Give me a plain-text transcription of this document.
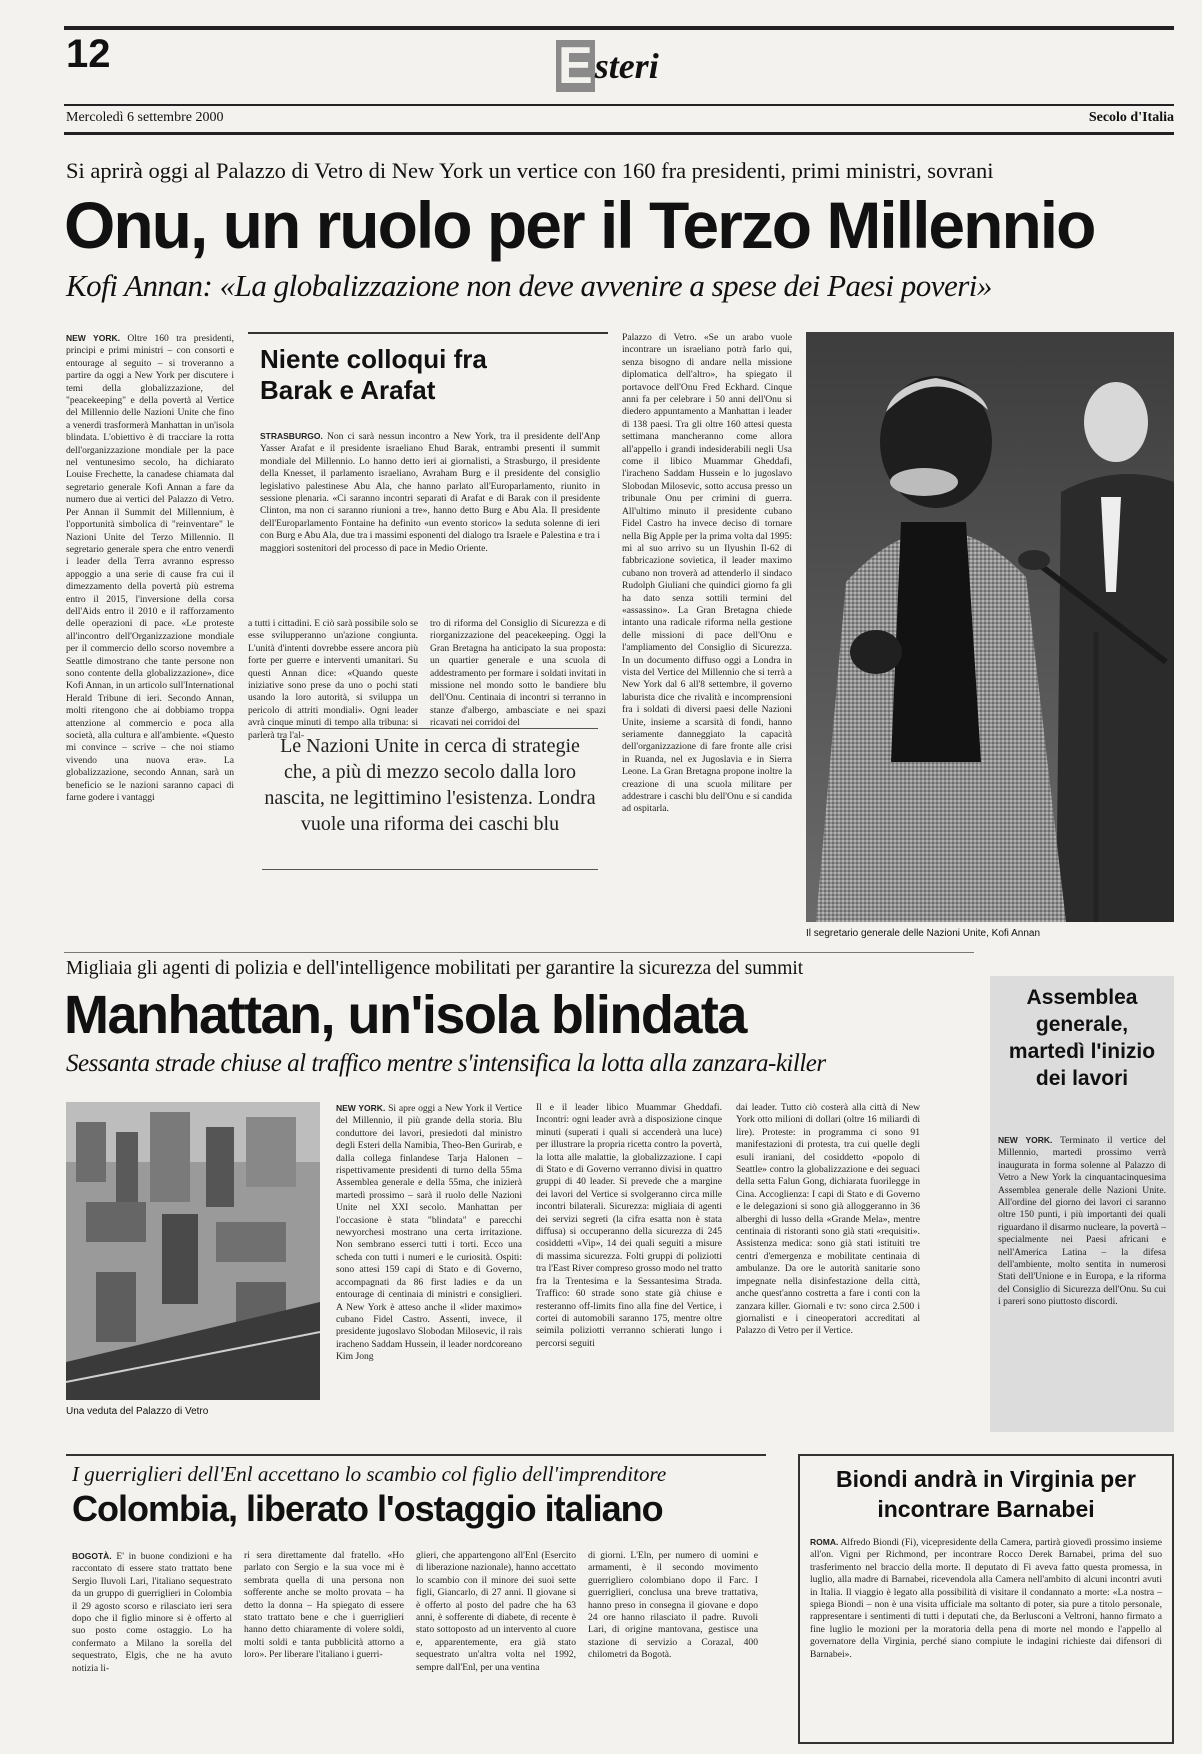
12	Esteri
Mercoledì 6 settembre 2000	Secolo d'Italia
Si aprirà oggi al Palazzo di Vetro di New York un vertice con 160 fra presidenti, primi ministri, sovrani
Onu, un ruolo per il Terzo Millennio
Kofi Annan: «La globalizzazione non deve avvenire a spese dei Paesi poveri»
NEW YORK. Oltre 160 tra presidenti, principi e primi ministri – con consorti e entourage al seguito – si troveranno a partire da oggi a New York per discutere i temi della globalizzazione, del "peacekeeping" e della povertà al Vertice del Millennio delle Nazioni Unite che fino a venerdì trasformerà Manhattan in un'isola blindata. L'obiettivo è di tracciare la rotta dell'organizzazione mondiale per la pace nel ventunesimo secolo, ha dichiarato Louise Frechette, la canadese chiamata dal segretario generale Kofi Annan a fare da numero due ai vertici del Palazzo di Vetro. Per Annan il Summit del Millennium, è l'opportunità simbolica di "reinventare" le Nazioni Unite del Terzo Millennio. Il segretario generale spera che entro venerdì i leader della Terra avranno espresso appoggio a una serie di cause fra cui il dimezzamento della povertà più estrema entro il 2015, l'inversione della corsa dell'Aids entro il 2010 e il rafforzamento delle operazioni di pace. «Le proteste all'incontro dell'Organizzazione mondiale per il commercio dello scorso novembre a Seattle dimostrano che tante persone non sono contente della globalizzazione», dice Kofi Annan, in un articolo sull'International Herald Tribune di ieri. Secondo Annan, molti ritengono che ai dobbiamo troppa attenzione al commercio e poca alla società, alla cultura e all'ambiente. «Questo mi convince – scrive – che noi stiamo vivendo una nuova era». La globalizzazione, secondo Annan, sarà un beneficio se le nazioni saranno capaci di farne godere i vantaggi
Niente colloqui fra Barak e Arafat
STRASBURGO. Non ci sarà nessun incontro a New York, tra il presidente dell'Anp Yasser Arafat e il presidente israeliano Ehud Barak, entrambi presenti il summit mondiale del Millennio. Lo hanno detto ieri ai giornalisti, a Strasburgo, il presidente della Knesset, il parlamento israeliano, Avraham Burg e il presidente del consiglio legislativo palestinese Abu Ala, che hanno parlato all'Europarlamento, riunito in sessione plenaria. «Ci saranno incontri separati di Arafat e di Barak con il presidente Clinton, ma non ci saranno riunioni a tre», hanno detto Burg e Abu Ala. Il presidente dell'Europarlamento Fontaine ha definito «un evento storico» la seduta solenne di ieri con Burg e Abu Ala, due tra i massimi esponenti del dialogo tra Israele e Palestina e tra i maggiori sostenitori del processo di pace in Medio Oriente.
a tutti i cittadini. E ciò sarà possibile solo se esse svilupperanno un'azione congiunta. L'unità d'intenti dovrebbe essere ancora più forte per guerre e interventi umanitari. Su questi Annan dice: «Quando queste iniziative sono prese da uno o pochi stati usando la loro autorità, si sviluppa un pericolo di attriti mondiali». Ogni leader avrà cinque minuti di tempo alla tribuna: si parlerà tra l'al-
tro di riforma del Consiglio di Sicurezza e di riorganizzazione del peacekeeping. Oggi la Gran Bretagna ha anticipato la sua proposta: un quartier generale e una scuola di addestramento per formare i soldati invitati in missione nel mondo sotto le bandiere blu dell'Onu. Centinaia di incontri si terranno in stanze d'albergo, ambasciate e nei spazi ricavati nei corridoi del
Le Nazioni Unite in cerca di strategie che, a più di mezzo secolo dalla loro nascita, ne legittimino l'esistenza. Londra vuole una riforma dei caschi blu
Palazzo di Vetro. «Se un arabo vuole incontrare un israeliano potrà farlo qui, senza bisogno di andare nella missione diplomatica dell'altro», ha spiegato il portavoce dell'Onu Fred Eckhard. Cinque anni fa per celebrare i 50 anni dell'Onu si diedero appuntamento a Manhattan i leader di 138 paesi. Tra gli oltre 160 attesi questa settimana mancheranno come allora all'appello i grandi indesiderabili negli Usa come il libico Muammar Gheddafi, l'iracheno Saddam Hussein e lo jugoslavo Slobodan Milosevic, sotto accusa presso un tribunale Onu per crimini di guerra. All'ultimo minuto il presidente cubano Fidel Castro ha invece deciso di tornare nella Big Apple per la prima volta dal 1995: mi al suo arrivo su un Ilyushin Il-62 di fabbricazione sovietica, il leader maximo cubano non troverà ad attenderlo il sindaco Rudolph Giuliani che quindici giorno fa gli ha dato senza sottili termini del «assassino». La Gran Bretagna chiede intanto una radicale riforma nella gestione delle missioni di pace dell'Onu e l'ampliamento del Consiglio di Sicurezza. In un documento diffuso oggi a Londra in vista del Vertice del Millennio che si terrà a New York dal 6 all'8 settembre, il governo laburista dice che rivalità e incomprensioni fra i soldati di diversi paesi delle Nazioni Unite, insieme a scarsità di fondi, hanno seriamente danneggiato la capacità dell'organizzazione di fare fronte alle crisi in Ruanda, nel ex Jugoslavia e in Sierra Leone. La Gran Bretagna propone inoltre la creazione di una scuola militare per addestrare i caschi blu dell'Onu e si candida ad ospitarla.
Il segretario generale delle Nazioni Unite, Kofi Annan
Migliaia gli agenti di polizia e dell'intelligence mobilitati per garantire la sicurezza del summit
Manhattan, un'isola blindata
Sessanta strade chiuse al traffico mentre s'intensifica la lotta alla zanzara-killer
Una veduta del Palazzo di Vetro
NEW YORK. Si apre oggi a New York il Vertice del Millennio, il più grande della storia. Blu conduttore dei lavori, presiedoti dal ministro degli Esteri della Namibia, Theo-Ben Gurirab, e dalla collega finlandese Tarja Halonen – rispettivamente presidenti di turno della 55ma Assemblea generale e della 55ma, che inizierà martedì prossimo – sarà il ruolo delle Nazioni Unite nel XXI secolo. Manhattan per l'occasione è stata "blindata" e parecchi newyorchesi mostrano una certa irritazione. Non sembrano esserci tutti i torti. Ecco una scheda con tutti i numeri e le curiosità. Ospiti: sono attesi 159 capi di Stato e di Governo, accompagnati da 86 first ladies e da un entourage di centinaia di ministri e consiglieri. A New York è atteso anche il «lider maximo» cubano Fidel Castro. Assenti, invece, il presidente jugoslavo Slobodan Milosevic, il raìs iracheno Saddam Hussein, il leader nordcoreano Kim Jong
Il e il leader libico Muammar Gheddafi. Incontri: ogni leader avrà a disposizione cinque minuti (superati i quali si accenderà una luce) per illustrare la propria ricetta contro la povertà, la lotta alle malattie, la globalizzazione. I capi di Stato e di Governo verranno divisi in quattro gruppi di 40 leader. Si prevede che a margine dei lavori del Vertice si svolgeranno circa mille incontri bilaterali. Sicurezza: migliaia di agenti dei servizi segreti (la cifra esatta non è stata diffusa) si occuperanno della sicurezza di 245 cosiddetti «Vip», 14 dei quali seguiti a misure di massima sicurezza. Folti gruppi di poliziotti tra l'East River compreso grosso modo nel tratto fra la Trentesima e la Sessantesima Strada. Traffico: 60 strade sono state già chiuse e resteranno off-limits fino alla fine del Vertice, i cortei di automobili saranno 175, mentre oltre seimila poliziotti verranno schierati lungo i percorsi seguiti
dai leader. Tutto ciò costerà alla città di New York otto milioni di dollari (oltre 16 miliardi di lire). Proteste: in programma ci sono 91 manifestazioni di protesta, tra cui quelle degli esuli iraniani, del cosiddetto «popolo di Seattle» contro la globalizzazione e dei seguaci della setta Falun Gong, dichiarata fuorilegge in Cina. Accoglienza: I capi di Stato e di Governo e le delegazioni si sono già alloggeranno in 36 alberghi di lusso della «Grande Mela», mentre centinaia di ristoranti sono già stati «requisiti». Assistenza medica: sono già stati istituiti tre centri d'emergenza e mobilitate centinaia di ambulanze. Da ore le autorità sanitarie sono impegnate nella disinfestazione della città, anche quest'anno costretta a fare i conti con la zanzara killer. Giornali e tv: sono circa 2.500 i giornalisti e i cineoperatori accreditati al Palazzo di Vetro per il Vertice.
Assemblea generale, martedì l'inizio dei lavori
NEW YORK. Terminato il vertice del Millennio, martedì prossimo verrà inaugurata in forma solenne al Palazzo di Vetro a New York la cinquantacinquesima Assemblea generale delle Nazioni Unite. All'ordine del giorno dei lavori ci saranno oltre 150 punti, i più importanti dei quali riguardano il disarmo nucleare, la povertà – specialmente nei Paesi africani e nell'America Latina – la difesa dell'ambiente, molto sentita in numerosi Stati dell'Unione e in Europa, e la riforma del Consiglio di Sicurezza dell'Onu. Su cui i pareri sono piuttosto discordi.
I guerriglieri dell'Enl accettano lo scambio col figlio dell'imprenditore
Colombia, liberato l'ostaggio italiano
BOGOTÀ. E' in buone condizioni e ha raccontato di essere stato trattato bene Sergio Iluvoli Lari, l'italiano sequestrato da un gruppo di guerriglieri in Colombia il 29 agosto scorso e rilasciato ieri sera dopo che il figlio minore si è offerto al suo posto come ostaggio. Lo ha confermato a Milano la sorella del sequestrato, Elgis, che ne ha avuto notizia li-
ri sera direttamente dal fratello. «Ho parlato con Sergio e la sua voce mi è sembrata quella di una persona non sofferente anche se molto provata – ha detto la donna – Ha spiegato di essere stato trattato bene e che i guerriglieri hanno detto chiaramente di volere soldi, molti soldi e tanta pubblicità attorno a loro». Per liberare l'italiano i guerri-
glieri, che appartengono all'Enl (Esercito di liberazione nazionale), hanno accettato lo scambio con il minore dei suoi sette figli, Giancarlo, di 27 anni. Il giovane si è offerto al posto del padre che ha 63 anni, è sofferente di diabete, di recente è stato sottoposto ad un intervento al cuore e, apparentemente, era già stato sequestrato un'altra volta nel 1992, sempre dall'Enl, per una ventina
di giorni. L'Eln, per numero di uomini e armamenti, è il secondo movimento guerrigliero colombiano dopo il Farc. I guerriglieri, conclusa una breve trattativa, hanno preso in consegna il giovane e dopo 24 ore hanno rilasciato il padre. Ruvoli Lari, di origine mantovana, gestisce una stazione di servizio a Corazal, 400 chilometri da Bogotà.
Biondi andrà in Virginia per incontrare Barnabei
ROMA. Alfredo Biondi (Fi), vicepresidente della Camera, partirà giovedì prossimo insieme all'on. Vigni per Richmond, per incontrare Rocco Derek Barnabei, prima del suo trasferimento nel braccio della morte. Il deputato di Fi aveva fatto questa promessa, in luglio, alla madre di Barnabei, ricevendola alla Camera nell'ambito di alcuni incontri avuti in Italia. Il viaggio è legato alla possibilità di visitare il condannato a morte: «La nostra – spiega Biondi – non è una visita ufficiale ma soltanto di poter, sia pure a titolo personale, rappresentare i sentimenti di tutti i deputati che, da Berlusconi a Veltroni, hanno firmato a fine luglio le mozioni per la moratoria della pena di morte nel mondo e l'appello al governatore della Virginia, perché siano compiute le indagini richieste dai difensori di Barnabei».
